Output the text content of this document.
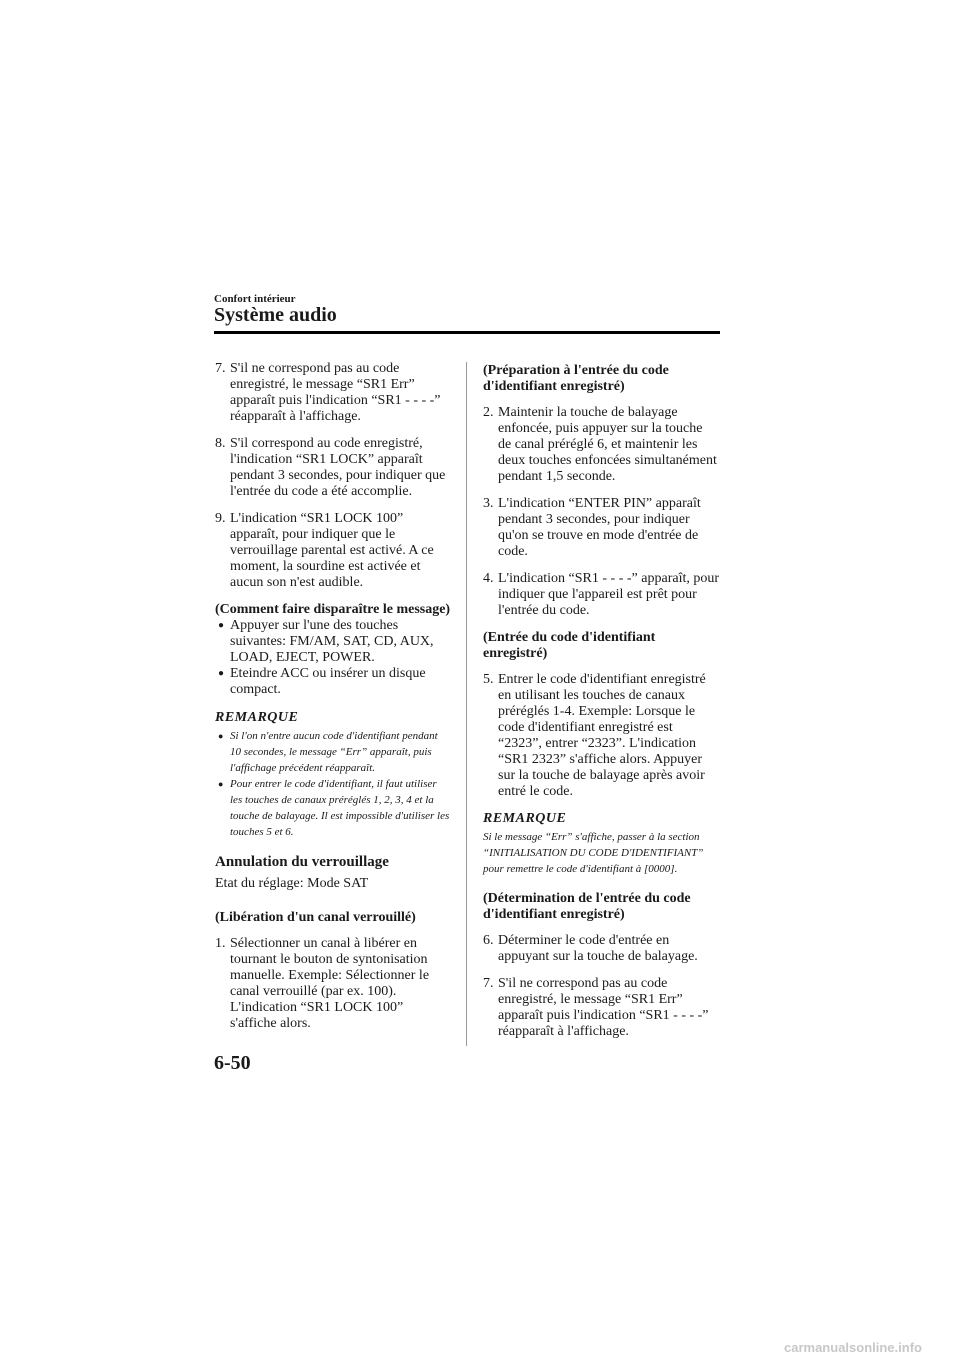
Confort intérieur
Système audio
7. S'il ne correspond pas au code enregistré, le message “SR1 Err” apparaît puis l'indication “SR1 - - - -” réapparaît à l'affichage.
8. S'il correspond au code enregistré, l'indication “SR1 LOCK” apparaît pendant 3 secondes, pour indiquer que l'entrée du code a été accomplie.
9. L'indication “SR1 LOCK 100” apparaît, pour indiquer que le verrouillage parental est activé. A ce moment, la sourdine est activée et aucun son n'est audible.
(Comment faire disparaître le message)
● Appuyer sur l'une des touches suivantes: FM/AM, SAT, CD, AUX, LOAD, EJECT, POWER.
● Eteindre ACC ou insérer un disque compact.
REMARQUE
● Si l'on n'entre aucun code d'identifiant pendant 10 secondes, le message “Err” apparaît, puis l'affichage précédent réapparaît.
● Pour entrer le code d'identifiant, il faut utiliser les touches de canaux préréglés 1, 2, 3, 4 et la touche de balayage. Il est impossible d'utiliser les touches 5 et 6.
Annulation du verrouillage
Etat du réglage: Mode SAT
(Libération d'un canal verrouillé)
1. Sélectionner un canal à libérer en tournant le bouton de syntonisation manuelle. Exemple: Sélectionner le canal verrouillé (par ex. 100). L'indication “SR1 LOCK 100” s'affiche alors.
(Préparation à l'entrée du code d'identifiant enregistré)
2. Maintenir la touche de balayage enfoncée, puis appuyer sur la touche de canal préréglé 6, et maintenir les deux touches enfoncées simultanément pendant 1,5 seconde.
3. L'indication “ENTER PIN” apparaît pendant 3 secondes, pour indiquer qu'on se trouve en mode d'entrée de code.
4. L'indication “SR1 - - - -” apparaît, pour indiquer que l'appareil est prêt pour l'entrée du code.
(Entrée du code d'identifiant enregistré)
5. Entrer le code d'identifiant enregistré en utilisant les touches de canaux préréglés 1-4. Exemple: Lorsque le code d'identifiant enregistré est “2323”, entrer “2323”. L'indication “SR1 2323” s'affiche alors. Appuyer sur la touche de balayage après avoir entré le code.
REMARQUE
Si le message “Err” s'affiche, passer à la section “INITIALISATION DU CODE D'IDENTIFIANT” pour remettre le code d'identifiant à [0000].
(Détermination de l'entrée du code d'identifiant enregistré)
6. Déterminer le code d'entrée en appuyant sur la touche de balayage.
7. S'il ne correspond pas au code enregistré, le message “SR1 Err” apparaît puis l'indication “SR1 - - - -” réapparaît à l'affichage.
6-50
carmanualsonline.info
